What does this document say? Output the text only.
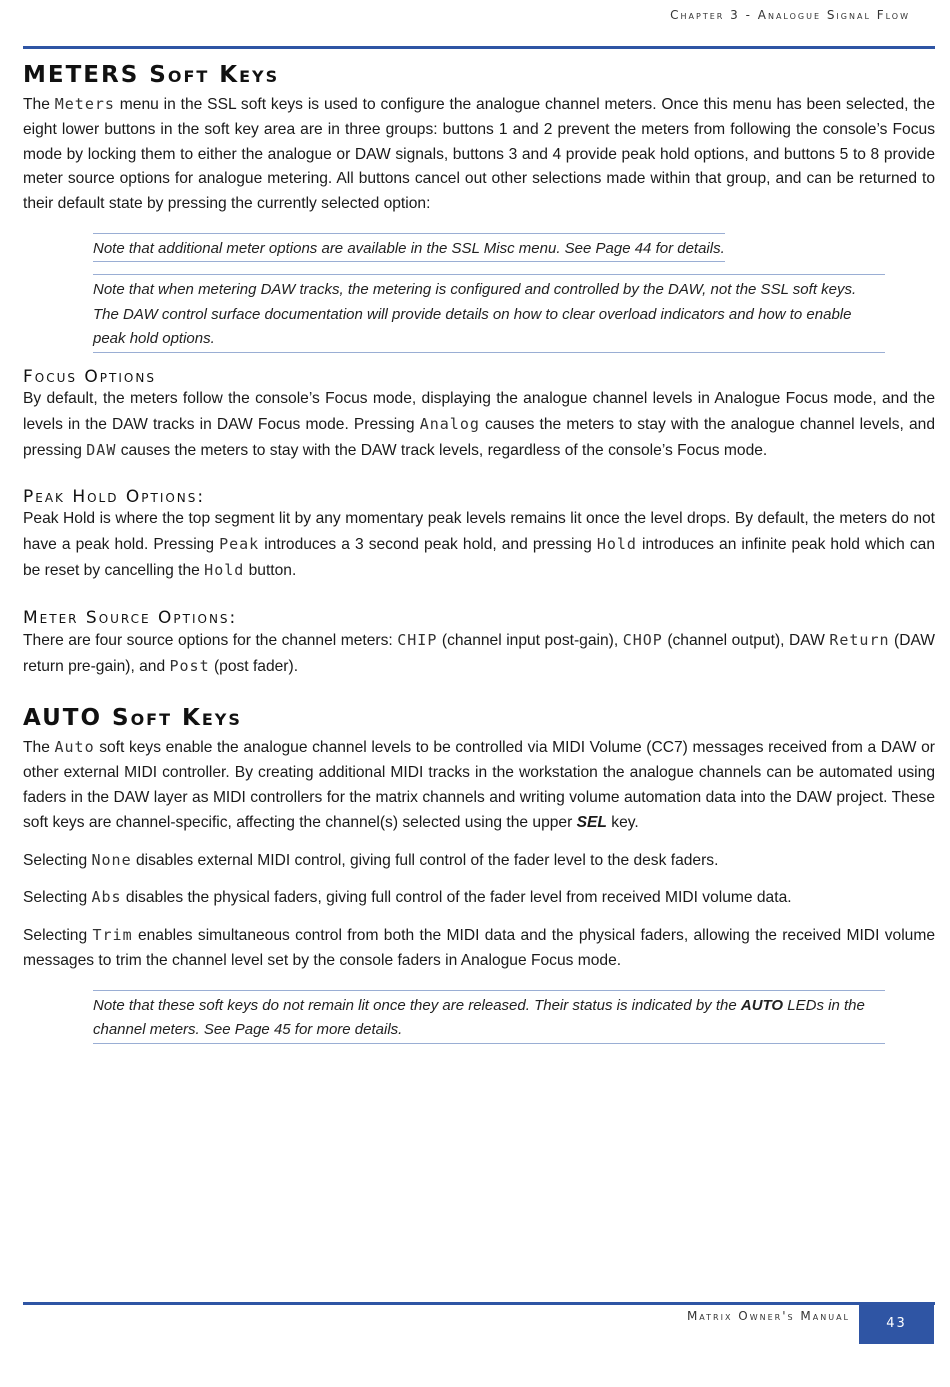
Chapter 3 - Analogue Signal Flow
METERS Soft Keys

The Meters menu in the SSL soft keys is used to configure the analogue channel meters. Once this menu has been selected, the eight lower buttons in the soft key area are in three groups: buttons 1 and 2 prevent the meters from following the console’s Focus mode by locking them to either the analogue or DAW signals, buttons 3 and 4 provide peak hold options, and buttons 5 to 8 provide meter source options for analogue metering. All buttons cancel out other selections made within that group, and can be returned to their default state by pressing the currently selected option:

Note that additional meter options are available in the SSL Misc menu. See Page 44 for details.
Note that when metering DAW tracks, the metering is configured and controlled by the DAW, not the SSL soft keys. The DAW control surface documentation will provide details on how to clear overload indicators and how to enable peak hold options.
Focus Options

By default, the meters follow the console’s Focus mode, displaying the analogue channel levels in Analogue Focus mode, and the levels in the DAW tracks in DAW Focus mode. Pressing Analog causes the meters to stay with the analogue channel levels, and pressing DAW causes the meters to stay with the DAW track levels, regardless of the console’s Focus mode.

Peak Hold Options:

Peak Hold is where the top segment lit by any momentary peak levels remains lit once the level drops. By default, the meters do not have a peak hold. Pressing Peak introduces a 3 second peak hold, and pressing Hold introduces an infinite peak hold which can be reset by cancelling the Hold button.

Meter Source Options:

There are four source options for the channel meters: CHIP (channel input post-gain), CHOP (channel output), DAW Return (DAW return pre-gain), and Post (post fader).

AUTO Soft Keys

The Auto soft keys enable the analogue channel levels to be controlled via MIDI Volume (CC7) messages received from a DAW or other external MIDI controller. By creating additional MIDI tracks in the workstation the analogue channels can be automated using faders in the DAW layer as MIDI controllers for the matrix channels and writing volume automation data into the DAW project. These soft keys are channel-specific, affecting the channel(s) selected using the upper SEL key.

Selecting None disables external MIDI control, giving full control of the fader level to the desk faders.

Selecting Abs disables the physical faders, giving full control of the fader level from received MIDI volume data.

Selecting Trim enables simultaneous control from both the MIDI data and the physical faders, allowing the received MIDI volume messages to trim the channel level set by the console faders in Analogue Focus mode.

Note that these soft keys do not remain lit once they are released. Their status is indicated by the AUTO LEDs in the channel meters. See Page 45 for more details.
Matrix Owner's Manual	43
